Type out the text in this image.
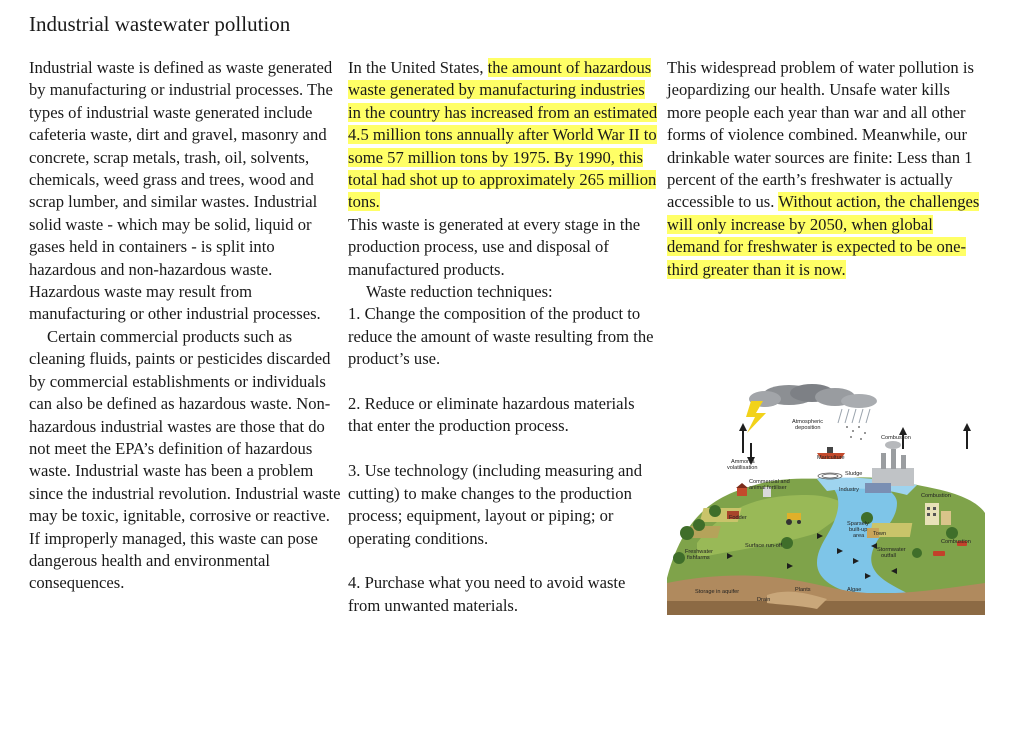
Industrial wastewater pollution

Industrial waste is defined as waste generated by manufacturing or industrial processes. The types of industrial waste generated include cafeteria waste, dirt and gravel, masonry and concrete, scrap metals, trash, oil, solvents, chemicals, weed grass and trees, wood and scrap lumber, and similar wastes. Industrial solid waste - which may be solid, liquid or gases held in containers - is split into hazardous and non-hazardous waste. Hazardous waste may result from manufacturing or other industrial processes.

Certain commercial products such as cleaning fluids, paints or pesticides discarded by commercial establishments or individuals can also be defined as hazardous waste. Non-hazardous industrial wastes are those that do not meet the EPA’s definition of hazardous waste. Industrial waste has been a problem since the industrial revolution. Industrial waste may be toxic, ignitable, corrosive or reactive.

If improperly managed, this waste can pose dangerous health and environmental consequences.

In the United States, the amount of hazardous waste generated by manufacturing industries in the country has increased from an estimated 4.5 million tons annually after World War II to some 57 million tons by 1975. By 1990, this total had shot up to approximately 265 million tons.

This waste is generated at every stage in the production process, use and disposal of manufactured products.

Waste reduction techniques:

1. Change the composition of the product to reduce the amount of waste resulting from the product’s use.

2. Reduce or eliminate hazardous materials that enter the production process.

3. Use technology (including measuring and cutting) to make changes to the production process; equipment, layout or piping; or operating conditions.

4. Purchase what you need to avoid waste from unwanted materials.

This widespread problem of water pollution is jeopardizing our health. Unsafe water kills more people each year than war and all other forms of violence combined. Meanwhile, our drinkable water sources are finite: Less than 1 percent of the earth’s freshwater is actually accessible to us. Without action, the challenges will only increase by 2050, when global demand for freshwater is expected to be one-third greater than it is now.

Atmospheric
deposition
Combustion
Ammonia
volatilisation
Mariculture
Sludge
Commercial and
animal fertiliser	Industry
Combustion
Fodder
Sparsely
built-up
area Town
Combustion
Freshwater
fishfarms
Surface run-off
Stormwater
outfall
Storage in aquifer
Drain
Plants	Algae
